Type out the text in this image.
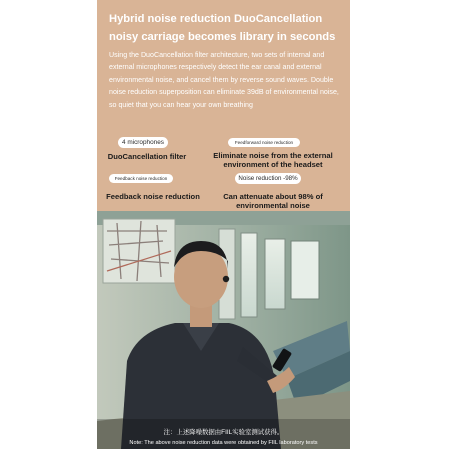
Hybrid noise reduction DuoCancellation noisy carriage becomes library in seconds
Using the DuoCancellation filter architecture, two sets of internal and external microphones respectively detect the ear canal and external environmental noise, and cancel them by reverse sound waves. Double noise reduction superposition can eliminate 39dB of environmental noise, so quiet that you can hear your own breathing
4 microphones	Feedforward noise reduction
DuoCancellation filter	Eliminate noise from the external environment of the headset
Feedback noise reduction	Noise reduction -98%
Feedback noise reduction	Can attenuate about 98% of environmental noise
注：上述降噪数据由FIIL实验室测试获得。
Note: The above noise reduction data were obtained by FIIL laboratory tests
